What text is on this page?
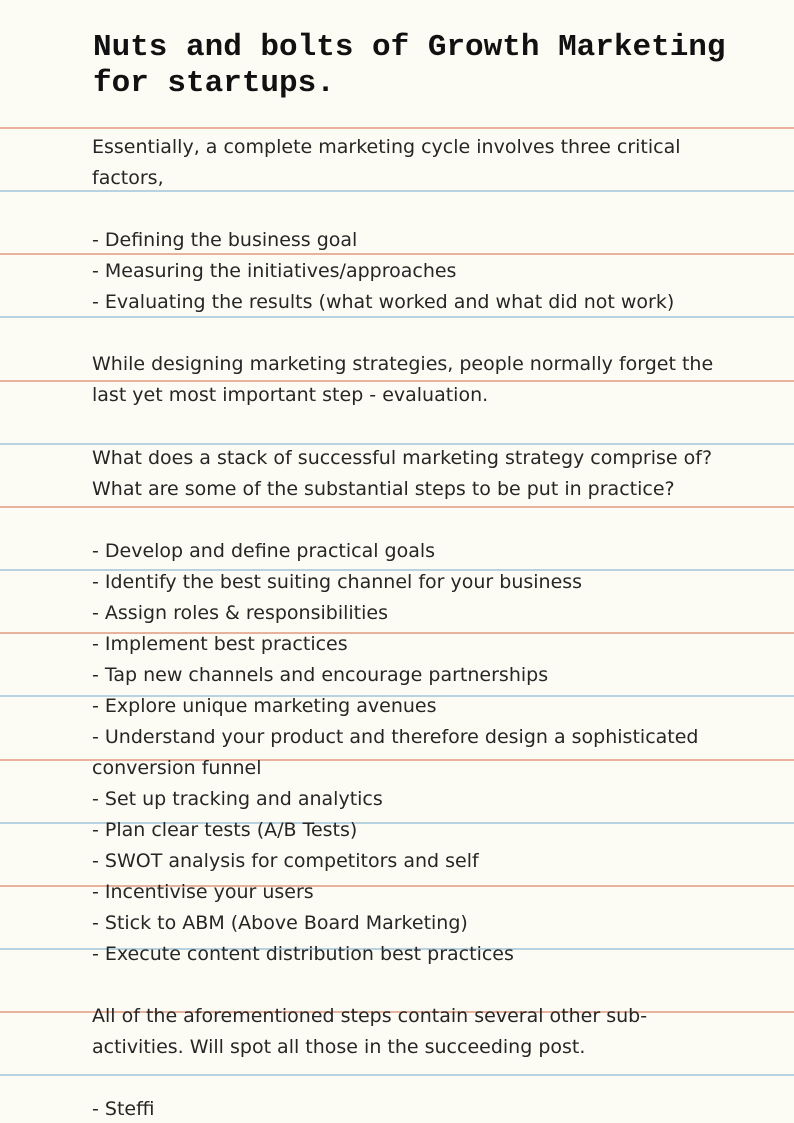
Nuts and bolts of Growth Marketing
for startups.
Essentially, a complete marketing cycle involves three critical
factors,
- Defining the business goal
- Measuring the initiatives/approaches
- Evaluating the results (what worked and what did not work)
While designing marketing strategies, people normally forget the
last yet most important step - evaluation.
What does a stack of successful marketing strategy comprise of?
What are some of the substantial steps to be put in practice?
- Develop and define practical goals
- Identify the best suiting channel for your business
- Assign roles & responsibilities
- Implement best practices
- Tap new channels and encourage partnerships
- Explore unique marketing avenues
- Understand your product and therefore design a sophisticated
conversion funnel
- Set up tracking and analytics
- Plan clear tests (A/B Tests)
- SWOT analysis for competitors and self
- Incentivise your users
- Stick to ABM (Above Board Marketing)
- Execute content distribution best practices
All of the aforementioned steps contain several other sub-
activities. Will spot all those in the succeeding post.
- Steffi
